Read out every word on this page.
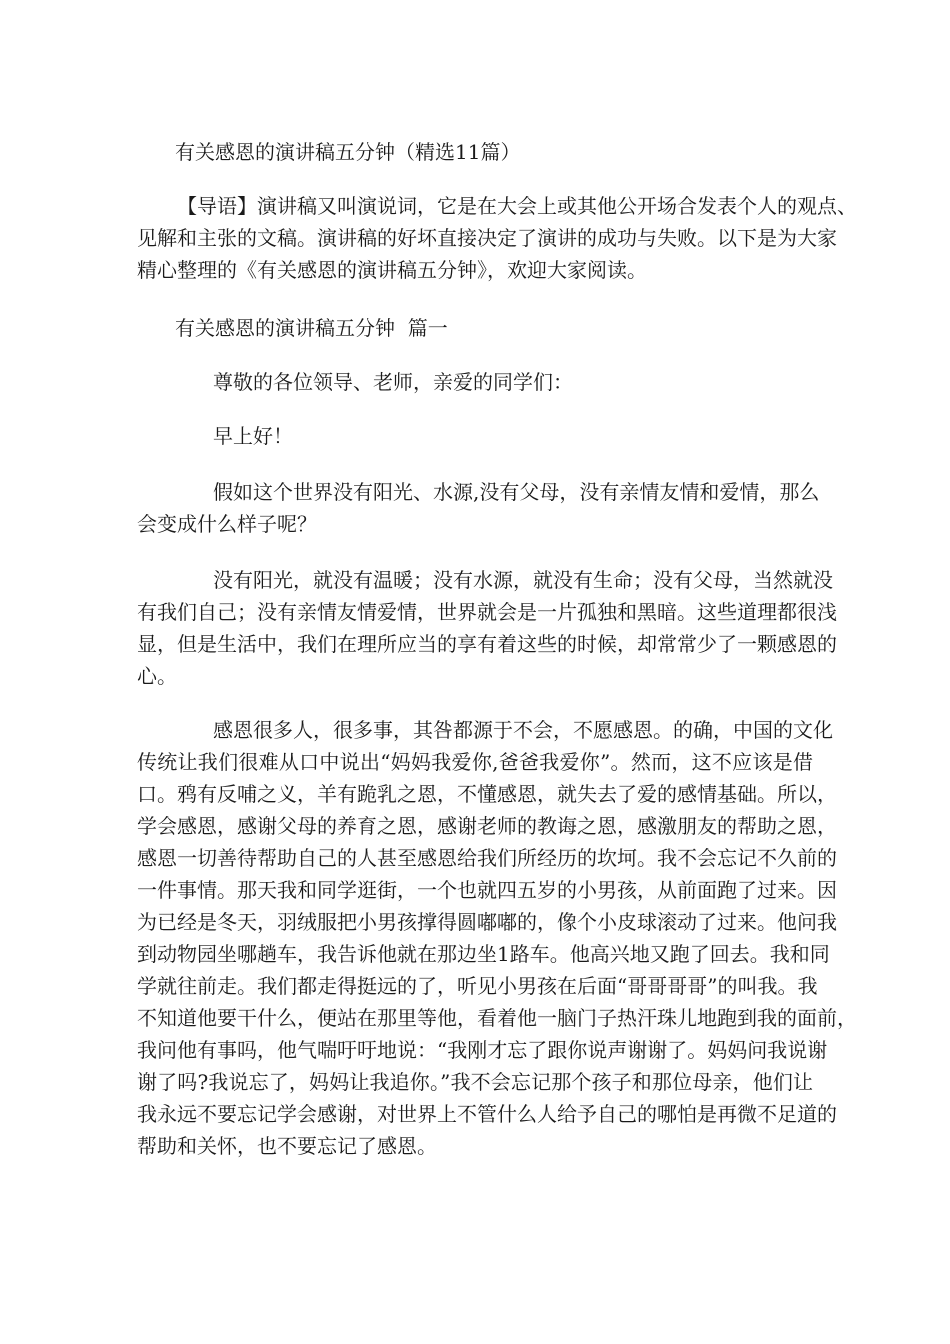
有关感恩的演讲稿五分钟（精选11篇）

【导语】演讲稿又叫演说词，它是在大会上或其他公开场合发表个人的观点、
见解和主张的文稿。演讲稿的好坏直接决定了演讲的成功与失败。以下是为大家
精心整理的《有关感恩的演讲稿五分钟》，欢迎大家阅读。

有关感恩的演讲稿五分钟  篇一

尊敬的各位领导、老师，亲爱的同学们：

早上好！

假如这个世界没有阳光、水源,没有父母，没有亲情友情和爱情，那么
会变成什么样子呢？

没有阳光，就没有温暖；没有水源，就没有生命；没有父母，当然就没
有我们自己；没有亲情友情爱情，世界就会是一片孤独和黑暗。这些道理都很浅
显，但是生活中，我们在理所应当的享有着这些的时候，却常常少了一颗感恩的
心。

感恩很多人，很多事，其咎都源于不会，不愿感恩。的确，中国的文化
传统让我们很难从口中说出“妈妈我爱你,爸爸我爱你”。然而，这不应该是借
口。鸦有反哺之义，羊有跪乳之恩，不懂感恩，就失去了爱的感情基础。所以，
学会感恩，感谢父母的养育之恩，感谢老师的教诲之恩，感激朋友的帮助之恩，
感恩一切善待帮助自己的人甚至感恩给我们所经历的坎坷。我不会忘记不久前的
一件事情。那天我和同学逛街，一个也就四五岁的小男孩，从前面跑了过来。因
为已经是冬天，羽绒服把小男孩撑得圆嘟嘟的，像个小皮球滚动了过来。他问我
到动物园坐哪趟车，我告诉他就在那边坐1路车。他高兴地又跑了回去。我和同
学就往前走。我们都走得挺远的了，听见小男孩在后面“哥哥哥哥”的叫我。我
不知道他要干什么，便站在那里等他，看着他一脑门子热汗珠儿地跑到我的面前，
我问他有事吗，他气喘吁吁地说：“我刚才忘了跟你说声谢谢了。妈妈问我说谢
谢了吗?我说忘了，妈妈让我追你。”我不会忘记那个孩子和那位母亲，他们让
我永远不要忘记学会感谢，对世界上不管什么人给予自己的哪怕是再微不足道的
帮助和关怀，也不要忘记了感恩。
